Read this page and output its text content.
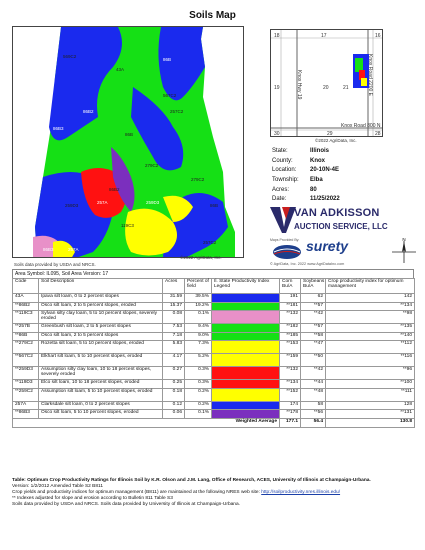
Soils Map
569C2
43A
86B
567C2
257C2
86B2
86B3
86B
279C2
86B2
257A	259D3
259D3
119C3
257C2
86B3	257A
279C2
86B
©2022 AgriData, Inc.
Soils data provided by USDA and NRCS.
18	17	16
19	20	21
30	29	28
Knox Hwy 19	Knox Road 2200 E
Knox Road 800 N
©2022 AgriData, Inc.
State:	Illinois
County:	Knox
Location:	20-10N-4E
Township:	Elba
Acres:	80
Date:	11/25/2022
VAN ADKISSON
AUCTION SERVICE, LLC
Maps Provided By: surety
© AgriData, Inc. 2022 www.AgriDataInc.com
N
Area Symbol: IL095, Soil Area Version: 17
Code	Soil Description	Acres	Percent of field	Il. State Productivity Index Legend	Corn Bu/A	Soybeans Bu/A	Crop productivity index for optimum management
43A	Ipava silt loam, 0 to 2 percent slopes	31.59	39.5%		191	62	142
**86B2	Osco silt loam, 2 to 5 percent slopes, eroded	15.37	19.2%		**181	**57	**134
**119C3	Sylvan silty clay loam, 5 to 10 percent slopes, severely eroded	0.08	0.1%		**132	**42	**98
**257B	Greenbush silt loam, 2 to 5 percent slopes	7.53	9.4%		**182	**57	**135
**86B	Osco silt loam, 2 to 5 percent slopes	7.18	9.0%		**185	**58	**140
**279C2	Rozetta silt loam, 5 to 10 percent slopes, eroded	5.83	7.3%		**153	**47	**112
**567C2	Elkhart silt loam, 5 to 10 percent slopes, eroded	4.17	5.2%		**159	**50	**116
**259D3	Assumption silty clay loam, 10 to 18 percent slopes, severely eroded	0.27	0.3%		**132	**42	**96
**119D3	Elco silt loam, 10 to 18 percent slopes, eroded	0.25	0.3%		**134	**44	**100
**259C2	Assumption silt loam, 5 to 10 percent slopes, eroded	0.18	0.2%		**152	**48	**111
257A	Clarksdale silt loam, 0 to 2 percent slopes	0.12	0.2%		174	58	128
**86B3	Osco silt loam, 5 to 10 percent slopes, eroded	0.06	0.1%		**178	**56	**131
Weighted Average					177.1	56.4	130.8
Table: Optimum Crop Productivity Ratings for Illinois Soil by K.R. Olson and J.M. Lang, Office of Research, ACES, University of Illinois at Champaign-Urbana.
Version: 1/2/2012 Amended Table S2 B811
Crop yields and productivity indices for optimum management (B811) are maintained at the following NRES web site: http://soilproductivity.nres.illinois.edu/
** Indexes adjusted for slope and erosion according to Bulletin 811 Table S3
Soils data provided by USDA and NRCS. Soils data provided by University of Illinois at Champaign-Urbana.
